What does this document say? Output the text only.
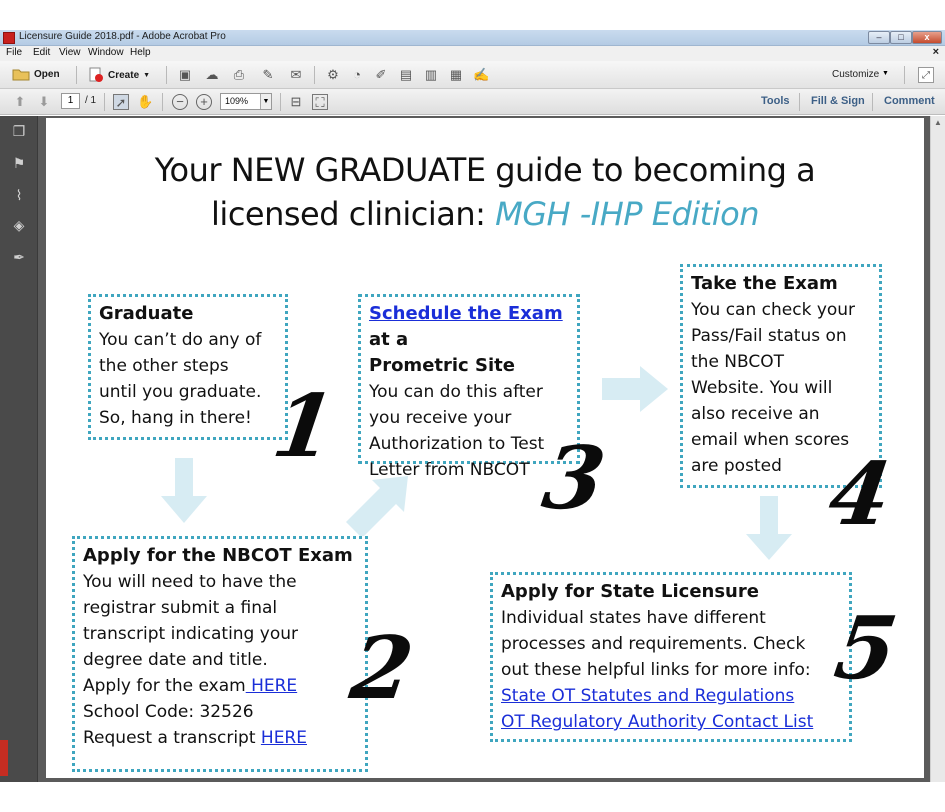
Licensure Guide 2018.pdf - Adobe Acrobat Pro	–	□	x
File Edit View Window Help	×
Open	Create ▼ ▣ ☁ ⎙ ✎ ✉ ⚙	◔	✐ ▤ ▥ ▦ ✍	Customize ▼	⤢
⬆ ⬇	1	/ 1 ➚ ✋	−	+	109%	▼ ⊟ ⛶	Tools Fill & Sign Comment
❐
⚑
⌇
◈
✒
▲
Your NEW GRADUATE guide to becoming a
licensed clinician: MGH -IHP Edition
Graduate
You can’t do any of
the other steps
until you graduate.
So, hang in there! 1
Schedule the Exam at a
Prometric Site
You can do this after
you receive your
Authorization to Test
Letter from NBCOT 3
Take the Exam
You can check your
Pass/Fail status on
the NBCOT
Website. You will
also receive an
email when scores
are posted 4
Apply for the NBCOT Exam
You will need to have the
registrar submit a final
transcript indicating your
degree date and title.
Apply for the exam HERE
School Code: 32526
Request a transcript HERE
2
Apply for State Licensure
Individual states have different
processes and requirements. Check
out these helpful links for more info:
State OT Statutes and Regulations
OT Regulatory Authority Contact List
5
